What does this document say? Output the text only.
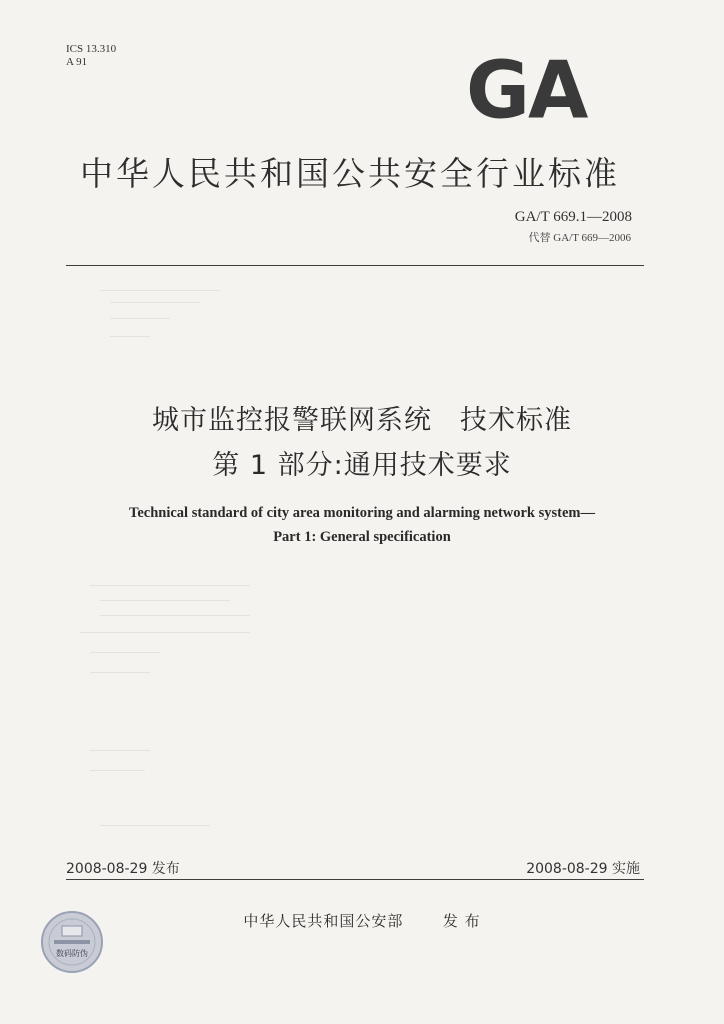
ICS 13.310
A 91	GA
中华人民共和国公共安全行业标准
GA/T 669.1—2008
代替 GA/T 669—2006
城市监控报警联网系统　技术标准
第 1 部分:通用技术要求
Technical standard of city area monitoring and alarming network system—
Part 1: General specification
2008-08-29 发布	2008-08-29 实施
中华人民共和国公安部	发 布
数码防伪
